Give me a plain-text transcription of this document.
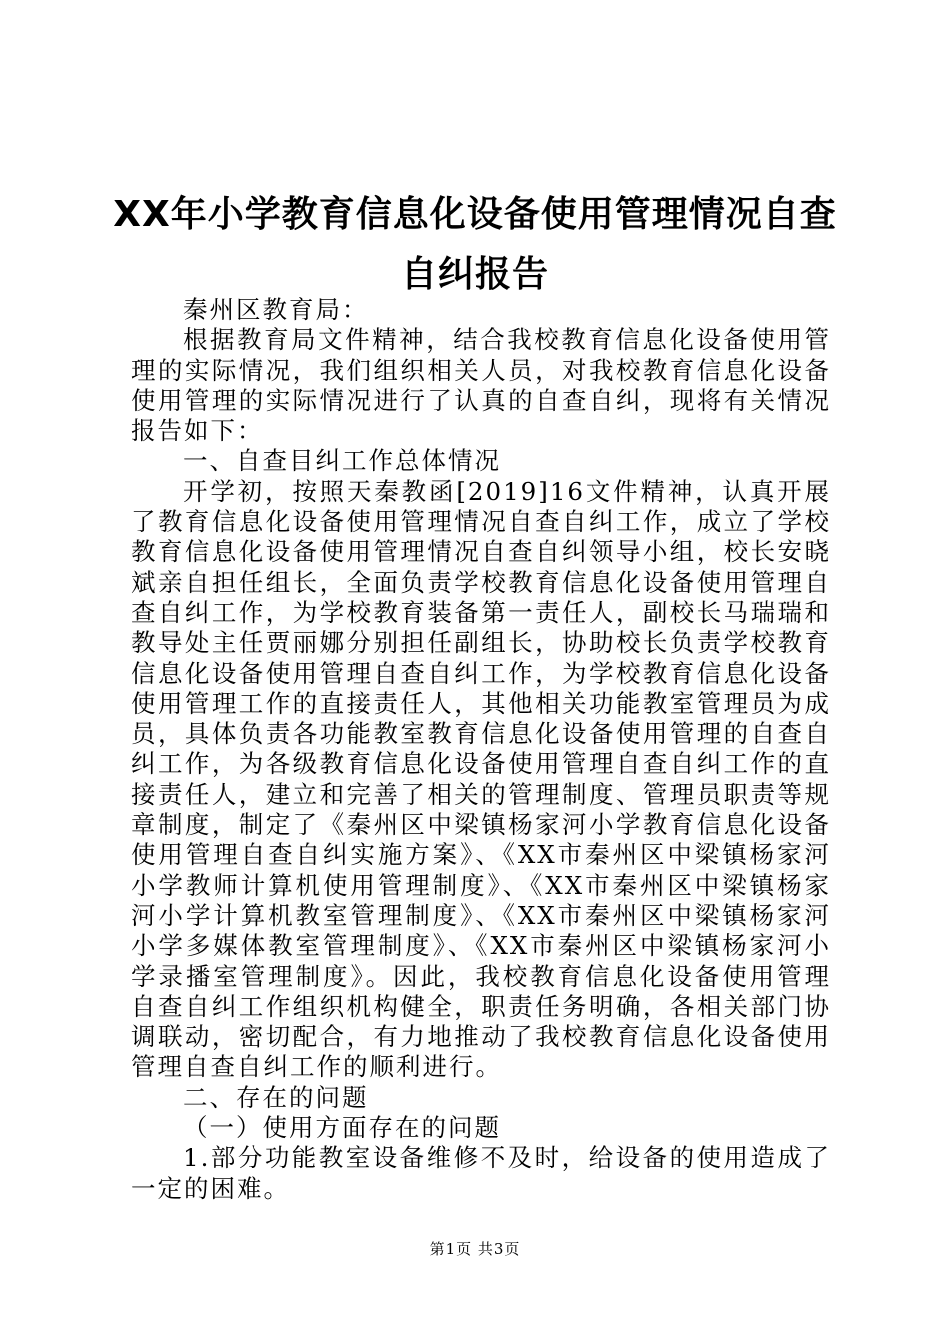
XX年小学教育信息化设备使用管理情况自查
自纠报告

秦州区教育局：

根据教育局文件精神，结合我校教育信息化设备使用管理的实际情况，我们组织相关人员，对我校教育信息化设备使用管理的实际情况进行了认真的自查自纠，现将有关情况报告如下：

一、自查目纠工作总体情况

开学初，按照天秦教函[2019]16文件精神，认真开展了教育信息化设备使用管理情况自查自纠工作，成立了学校教育信息化设备使用管理情况自查自纠领导小组，校长安晓斌亲自担任组长，全面负责学校教育信息化设备使用管理自查自纠工作，为学校教育装备第一责任人，副校长马瑞瑞和教导处主任贾丽娜分别担任副组长，协助校长负责学校教育信息化设备使用管理自查自纠工作，为学校教育信息化设备使用管理工作的直接责任人，其他相关功能教室管理员为成员，具体负责各功能教室教育信息化设备使用管理的自查自纠工作，为各级教育信息化设备使用管理自查自纠工作的直接责任人，建立和完善了相关的管理制度、管理员职责等规章制度，制定了《秦州区中梁镇杨家河小学教育信息化设备使用管理自查自纠实施方案》、《XX市秦州区中梁镇杨家河小学教师计算机使用管理制度》、《XX市秦州区中梁镇杨家河小学计算机教室管理制度》、《XX市秦州区中梁镇杨家河小学多媒体教室管理制度》、《XX市秦州区中梁镇杨家河小学录播室管理制度》。因此，我校教育信息化设备使用管理自查自纠工作组织机构健全，职责任务明确，各相关部门协调联动，密切配合，有力地推动了我校教育信息化设备使用管理自查自纠工作的顺利进行。

二、存在的问题

（一）使用方面存在的问题

1.部分功能教室设备维修不及时，给设备的使用造成了一定的困难。

第1页 共3页
